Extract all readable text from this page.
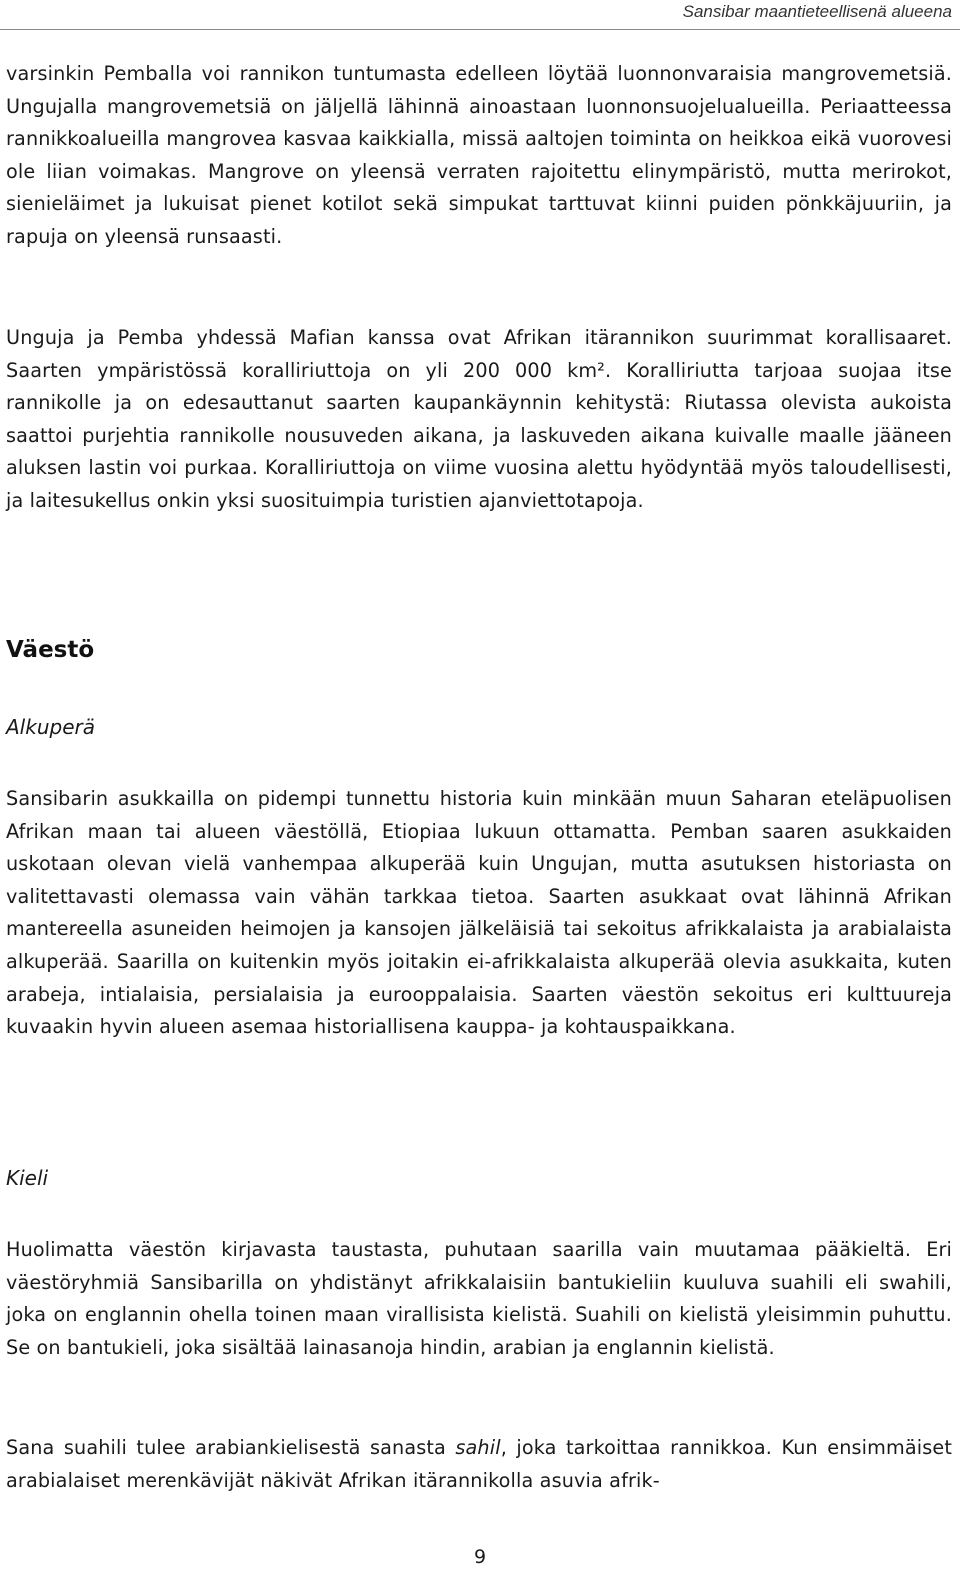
Sansibar maantieteellisenä alueena

varsinkin Pemballa voi rannikon tuntumasta edelleen löytää luonnonvaraisia mangrovemetsiä. Ungujalla mangrovemetsiä on jäljellä lähinnä ainoastaan luonnonsuojelualueilla. Periaatteessa rannikkoalueilla mangrovea kasvaa kaikkialla, missä aaltojen toiminta on heikkoa eikä vuorovesi ole liian voimakas. Mangrove on yleensä verraten rajoitettu elinympäristö, mutta merirokot, sienieläimet ja lukuisat pienet kotilot sekä simpukat tarttuvat kiinni puiden pönkkäjuuriin, ja rapuja on yleensä runsaasti.

Unguja ja Pemba yhdessä Mafian kanssa ovat Afrikan itärannikon suurimmat korallisaaret. Saarten ympäristössä koralliriuttoja on yli 200 000 km². Koralliriutta tarjoaa suojaa itse rannikolle ja on edesauttanut saarten kaupankäynnin kehitystä: Riutassa olevista aukoista saattoi purjehtia rannikolle nousuveden aikana, ja laskuveden aikana kuivalle maalle jääneen aluksen lastin voi purkaa. Koralliriuttoja on viime vuosina alettu hyödyntää myös taloudellisesti, ja laitesukellus onkin yksi suosituimpia turistien ajanviettotapoja.

Väestö
Alkuperä

Sansibarin asukkailla on pidempi tunnettu historia kuin minkään muun Saharan eteläpuolisen Afrikan maan tai alueen väestöllä, Etiopiaa lukuun ottamatta. Pemban saaren asukkaiden uskotaan olevan vielä vanhempaa alkuperää kuin Ungujan, mutta asutuksen historiasta on valitettavasti olemassa vain vähän tarkkaa tietoa. Saarten asukkaat ovat lähinnä Afrikan mantereella asuneiden heimojen ja kansojen jälkeläisiä tai sekoitus afrikkalaista ja arabialaista alkuperää. Saarilla on kuitenkin myös joitakin ei-afrikkalaista alkuperää olevia asukkaita, kuten arabeja, intialaisia, persialaisia ja eurooppalaisia. Saarten väestön sekoitus eri kulttuureja kuvaakin hyvin alueen asemaa historiallisena kauppa- ja kohtauspaikkana.

Kieli

Huolimatta väestön kirjavasta taustasta, puhutaan saarilla vain muutamaa pääkieltä. Eri väestöryhmiä Sansibarilla on yhdistänyt afrikkalaisiin bantukieliin kuuluva suahili eli swahili, joka on englannin ohella toinen maan virallisista kielistä. Suahili on kielistä yleisimmin puhuttu. Se on bantukieli, joka sisältää lainasanoja hindin, arabian ja englannin kielistä.

Sana suahili tulee arabiankielisestä sanasta sahil, joka tarkoittaa rannikkoa. Kun ensimmäiset arabialaiset merenkävijät näkivät Afrikan itärannikolla asuvia afrik-

9
